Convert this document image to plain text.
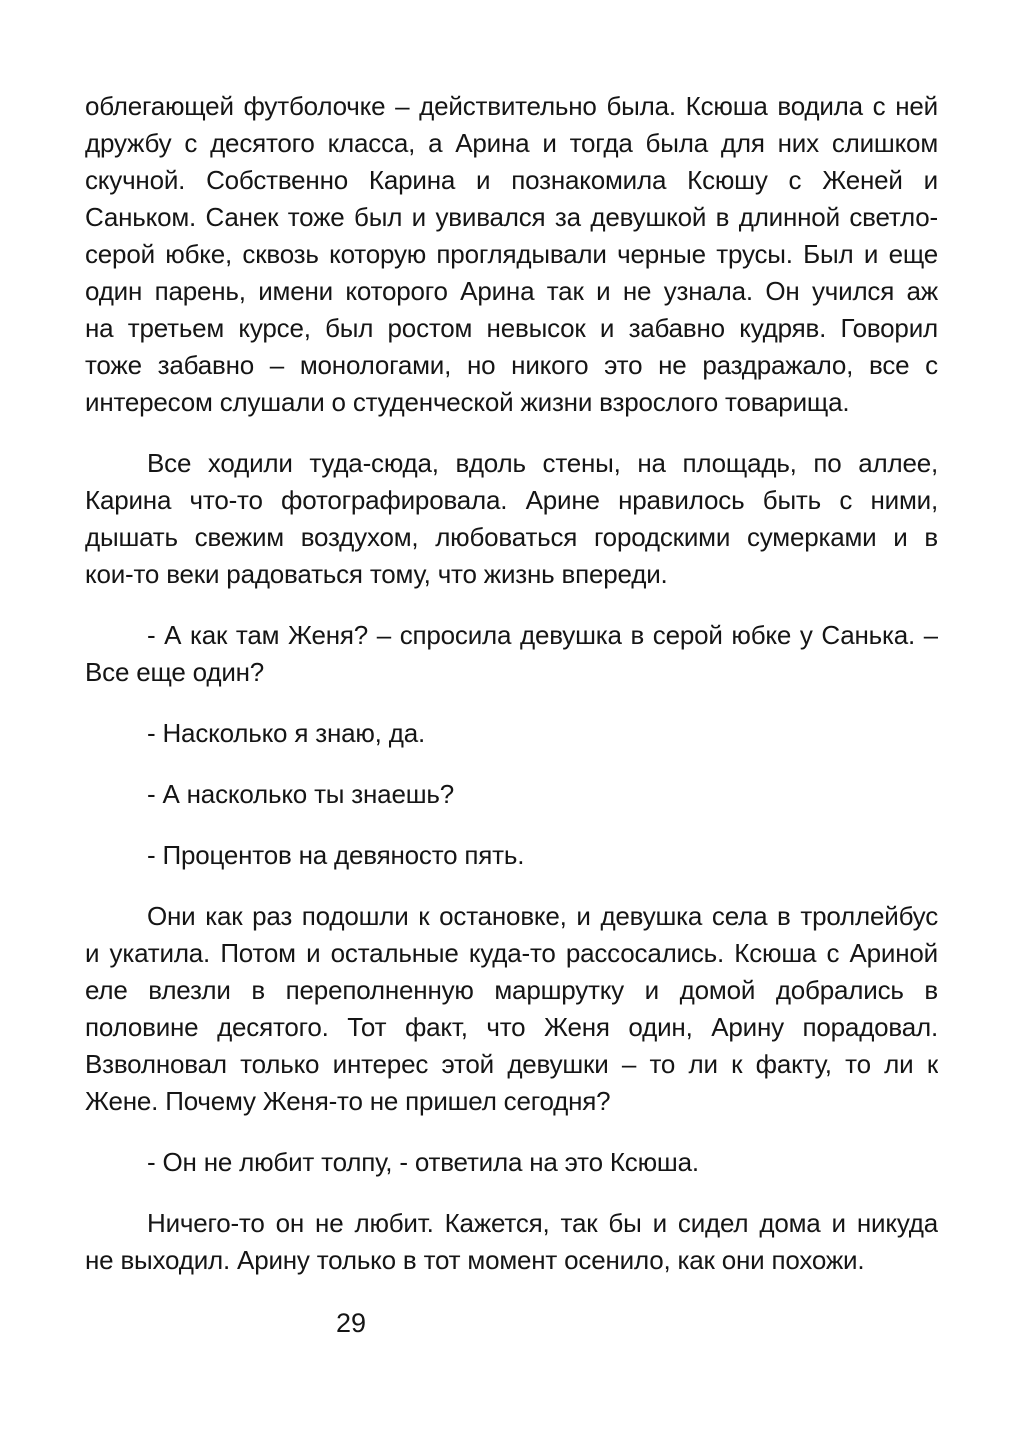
облегающей футболочке – действительно была. Ксюша водила с ней
дружбу с десятого класса, а Арина и тогда была для них слишком
скучной. Собственно Карина и познакомила Ксюшу с Женей и
Саньком. Санек тоже был и увивался за девушкой в длинной светло-
серой юбке, сквозь которую проглядывали черные трусы. Был и еще
один парень, имени которого Арина так и не узнала. Он учился аж
на третьем курсе, был ростом невысок и забавно кудряв. Говорил
тоже забавно – монологами, но никого это не раздражало, все с
интересом слушали о студенческой жизни взрослого товарища.
Все ходили туда-сюда, вдоль стены, на площадь, по аллее,
Карина что-то фотографировала. Арине нравилось быть с ними,
дышать свежим воздухом, любоваться городскими сумерками и в
кои-то веки радоваться тому, что жизнь впереди.
- А как там Женя? – спросила девушка в серой юбке у Санька. –
Все еще один?
- Насколько я знаю, да.
- А насколько ты знаешь?
- Процентов на девяносто пять.
Они как раз подошли к остановке, и девушка села в троллейбус
и укатила. Потом и остальные куда-то рассосались. Ксюша с Ариной
еле влезли в переполненную маршрутку и домой добрались в
половине десятого. Тот факт, что Женя один, Арину порадовал.
Взволновал только интерес этой девушки – то ли к факту, то ли к
Жене. Почему Женя-то не пришел сегодня?
- Он не любит толпу, - ответила на это Ксюша.
Ничего-то он не любит. Кажется, так бы и сидел дома и никуда
не выходил. Арину только в тот момент осенило, как они похожи.
29
